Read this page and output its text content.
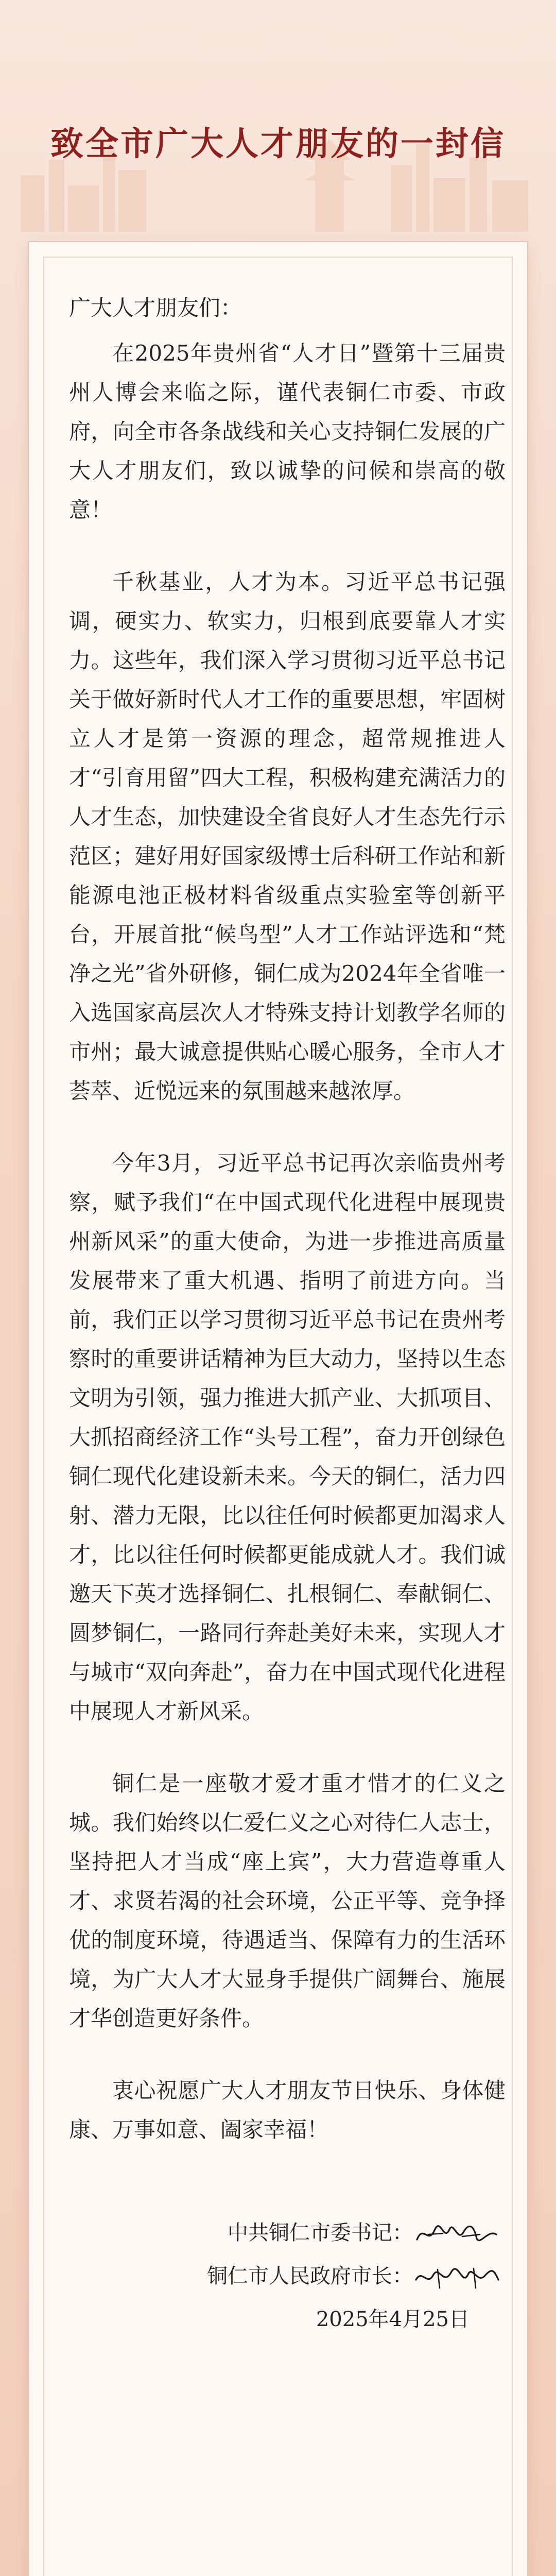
致全市广大人才朋友的一封信

广大人才朋友们：

在2025年贵州省“人才日”暨第十三届贵州人博会来临之际，谨代表铜仁市委、市政府，向全市各条战线和关心支持铜仁发展的广大人才朋友们，致以诚挚的问候和崇高的敬意！

千秋基业，人才为本。习近平总书记强调，硬实力、软实力，归根到底要靠人才实力。这些年，我们深入学习贯彻习近平总书记关于做好新时代人才工作的重要思想，牢固树立人才是第一资源的理念，超常规推进人才“引育用留”四大工程，积极构建充满活力的人才生态，加快建设全省良好人才生态先行示范区；建好用好国家级博士后科研工作站和新能源电池正极材料省级重点实验室等创新平台，开展首批“候鸟型”人才工作站评选和“梵净之光”省外研修，铜仁成为2024年全省唯一入选国家高层次人才特殊支持计划教学名师的市州；最大诚意提供贴心暖心服务，全市人才荟萃、近悦远来的氛围越来越浓厚。

今年3月，习近平总书记再次亲临贵州考察，赋予我们“在中国式现代化进程中展现贵州新风采”的重大使命，为进一步推进高质量发展带来了重大机遇、指明了前进方向。当前，我们正以学习贯彻习近平总书记在贵州考察时的重要讲话精神为巨大动力，坚持以生态文明为引领，强力推进大抓产业、大抓项目、大抓招商经济工作“头号工程”，奋力开创绿色铜仁现代化建设新未来。今天的铜仁，活力四射、潜力无限，比以往任何时候都更加渴求人才，比以往任何时候都更能成就人才。我们诚邀天下英才选择铜仁、扎根铜仁、奉献铜仁、圆梦铜仁，一路同行奔赴美好未来，实现人才与城市“双向奔赴”，奋力在中国式现代化进程中展现人才新风采。

铜仁是一座敬才爱才重才惜才的仁义之城。我们始终以仁爱仁义之心对待仁人志士，坚持把人才当成“座上宾”，大力营造尊重人才、求贤若渴的社会环境，公正平等、竞争择优的制度环境，待遇适当、保障有力的生活环境，为广大人才大显身手提供广阔舞台、施展才华创造更好条件。

衷心祝愿广大人才朋友节日快乐、身体健康、万事如意、阖家幸福！

中共铜仁市委书记：
铜仁市人民政府市长：
2025年4月25日
